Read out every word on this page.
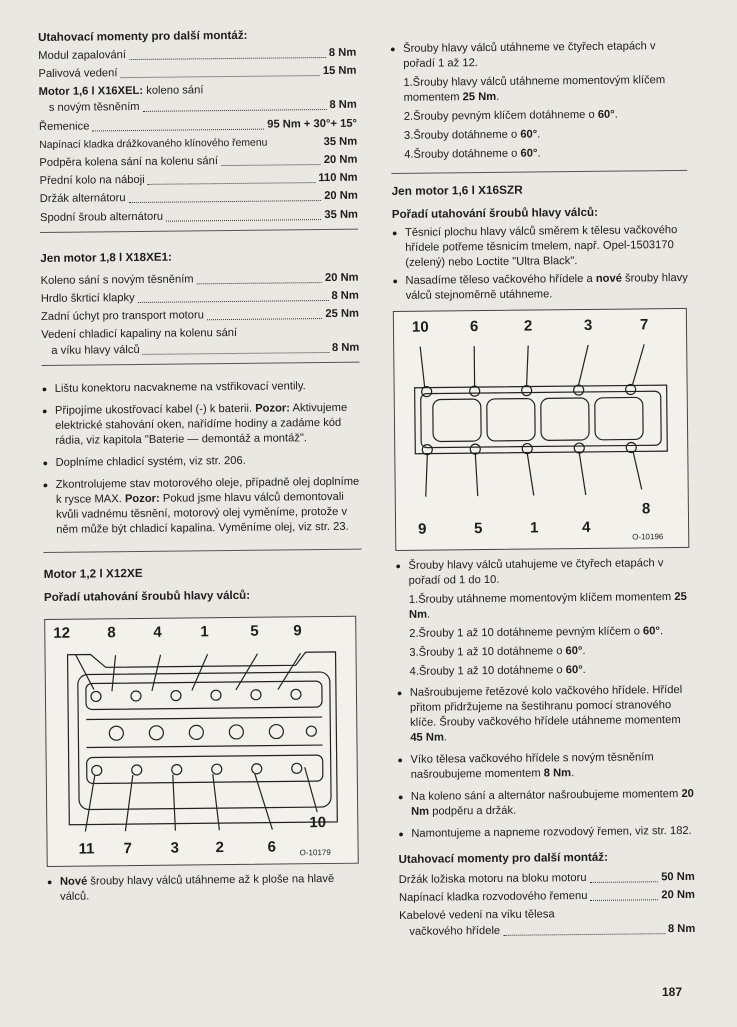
Utahovací momenty pro další montáž:
Modul zapalování	8 Nm
Palivová vedení	15 Nm
Motor 1,6 l X16XEL: koleno sání
s novým těsněním	8 Nm
Řemenice	95 Nm + 30°+ 15°
Napínací kladka drážkovaného klínového řemenu	35 Nm
Podpěra kolena sání na kolenu sání	20 Nm
Přední kolo na náboji	110 Nm
Držák alternátoru	20 Nm
Spodní šroub alternátoru	35 Nm
Jen motor 1,8 l X18XE1:
Koleno sání s novým těsněním	20 Nm
Hrdlo škrticí klapky	8 Nm
Zadní úchyt pro transport motoru	25 Nm
Vedení chladicí kapaliny na kolenu sání
a víku hlavy válců	8 Nm
● Lištu konektoru nacvakneme na vstřikovací ventily.
● Připojíme ukostřovací kabel (-) k baterii. Pozor: Aktivujeme elektrické stahování oken, nařídíme hodiny a zadáme kód rádia, viz kapitola "Baterie — demontáž a montáž".
● Doplníme chladicí systém, viz str. 206.
● Zkontrolujeme stav motorového oleje, případně olej doplníme k rysce MAX. Pozor: Pokud jsme hlavu válců demontovali kvůli vadnému těsnění, motorový olej vyměníme, protože v něm může být chladicí kapalina. Vyměníme olej, viz str. 23.
Motor 1,2 l X12XE
Pořadí utahování šroubů hlavy válců:
12 8 4	1	5 9
11 7	3 2	6
10
O-10179
● Nové šrouby hlavy válců utáhneme až k ploše na hlavě válců.
● Šrouby hlavy válců utáhneme ve čtyřech etapách v pořadí 1 až 12.
1.Šrouby hlavy válců utáhneme momentovým klíčem momentem 25 Nm.
2.Šrouby pevným klíčem dotáhneme o 60°.
3.Šrouby dotáhneme o 60°.
4.Šrouby dotáhneme o 60°.
Jen motor 1,6 l X16SZR
Pořadí utahování šroubů hlavy válců:
● Těsnicí plochu hlavy válců směrem k tělesu vačkového hřídele potřeme těsnicím tmelem, např. Opel-1503170 (zelený) nebo Loctite "Ultra Black".
● Nasadíme těleso vačkového hřídele a nové šrouby hlavy válců stejnoměrně utáhneme.
10	6	2	3	7
9	5	1	4
8
O-10196
● Šrouby hlavy válců utahujeme ve čtyřech etapách v pořadí od 1 do 10.
1.Šrouby utáhneme momentovým klíčem momentem 25 Nm.
2.Šrouby 1 až 10 dotáhneme pevným klíčem o 60°.
3.Šrouby 1 až 10 dotáhneme o 60°.
4.Šrouby 1 až 10 dotáhneme o 60°.
● Našroubujeme řetězové kolo vačkového hřídele. Hřídel přitom přidržujeme na šestihranu pomocí stranového klíče. Šrouby vačkového hřídele utáhneme momentem 45 Nm.
● Víko tělesa vačkového hřídele s novým těsněním našroubujeme momentem 8 Nm.
● Na koleno sání a alternátor našroubujeme momentem 20 Nm podpěru a držák.
● Namontujeme a napneme rozvodový řemen, viz str. 182.
Utahovací momenty pro další montáž:
Držák ložiska motoru na bloku motoru	50 Nm
Napínací kladka rozvodového řemenu	20 Nm
Kabelové vedení na víku tělesa
vačkového hřídele	8 Nm
187
